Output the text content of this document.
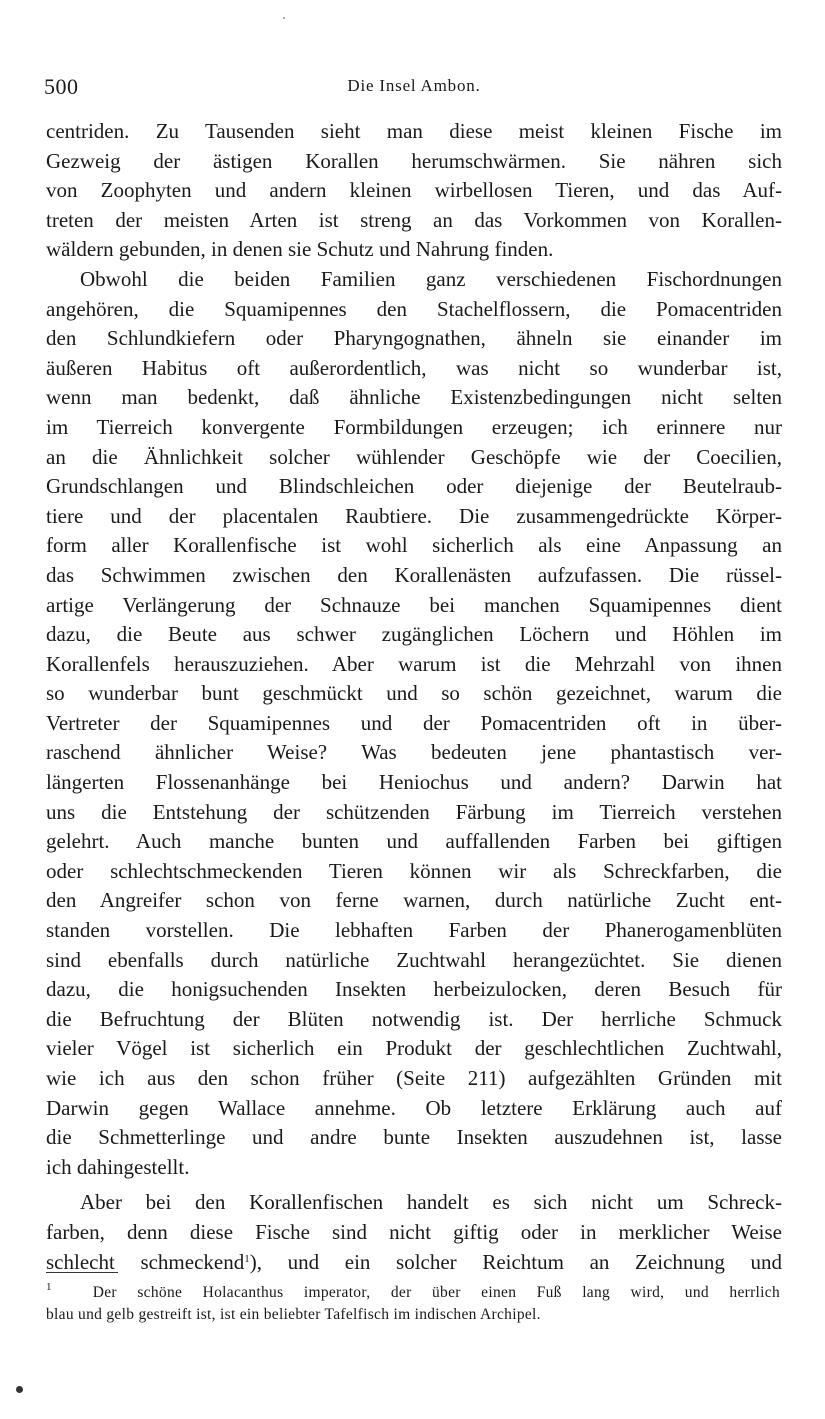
500	Die Insel Ambon.
centriden. Zu Tausenden sieht man diese meist kleinen Fische im
Gezweig der ästigen Korallen herumschwärmen. Sie nähren sich
von Zoophyten und andern kleinen wirbellosen Tieren, und das Auf-
treten der meisten Arten ist streng an das Vorkommen von Korallen-
wäldern gebunden, in denen sie Schutz und Nahrung finden.
Obwohl die beiden Familien ganz verschiedenen Fischordnungen
angehören, die Squamipennes den Stachelflossern, die Pomacentriden
den Schlundkiefern oder Pharyngognathen, ähneln sie einander im
äußeren Habitus oft außerordentlich, was nicht so wunderbar ist,
wenn man bedenkt, daß ähnliche Existenzbedingungen nicht selten
im Tierreich konvergente Formbildungen erzeugen; ich erinnere nur
an die Ähnlichkeit solcher wühlender Geschöpfe wie der Coecilien,
Grundschlangen und Blindschleichen oder diejenige der Beutelraub-
tiere und der placentalen Raubtiere. Die zusammengedrückte Körper-
form aller Korallenfische ist wohl sicherlich als eine Anpassung an
das Schwimmen zwischen den Korallenästen aufzufassen. Die rüssel-
artige Verlängerung der Schnauze bei manchen Squamipennes dient
dazu, die Beute aus schwer zugänglichen Löchern und Höhlen im
Korallenfels herauszuziehen. Aber warum ist die Mehrzahl von ihnen
so wunderbar bunt geschmückt und so schön gezeichnet, warum die
Vertreter der Squamipennes und der Pomacentriden oft in über-
raschend ähnlicher Weise? Was bedeuten jene phantastisch ver-
längerten Flossenanhänge bei Heniochus und andern? Darwin hat
uns die Entstehung der schützenden Färbung im Tierreich verstehen
gelehrt. Auch manche bunten und auffallenden Farben bei giftigen
oder schlechtschmeckenden Tieren können wir als Schreckfarben, die
den Angreifer schon von ferne warnen, durch natürliche Zucht ent-
standen vorstellen. Die lebhaften Farben der Phanerogamenblüten
sind ebenfalls durch natürliche Zuchtwahl herangezüchtet. Sie dienen
dazu, die honigsuchenden Insekten herbeizulocken, deren Besuch für
die Befruchtung der Blüten notwendig ist. Der herrliche Schmuck
vieler Vögel ist sicherlich ein Produkt der geschlechtlichen Zuchtwahl,
wie ich aus den schon früher (Seite 211) aufgezählten Gründen mit
Darwin gegen Wallace annehme. Ob letztere Erklärung auch auf
die Schmetterlinge und andre bunte Insekten auszudehnen ist, lasse
ich dahingestellt.
Aber bei den Korallenfischen handelt es sich nicht um Schreck-
farben, denn diese Fische sind nicht giftig oder in merklicher Weise
schlecht schmeckend$^1$), und ein solcher Reichtum an Zeichnung und
$^1$	Der schöne Holacanthus imperator, der über einen Fuß lang wird, und herrlich
blau und gelb gestreift ist, ist ein beliebter Tafelfisch im indischen Archipel.
